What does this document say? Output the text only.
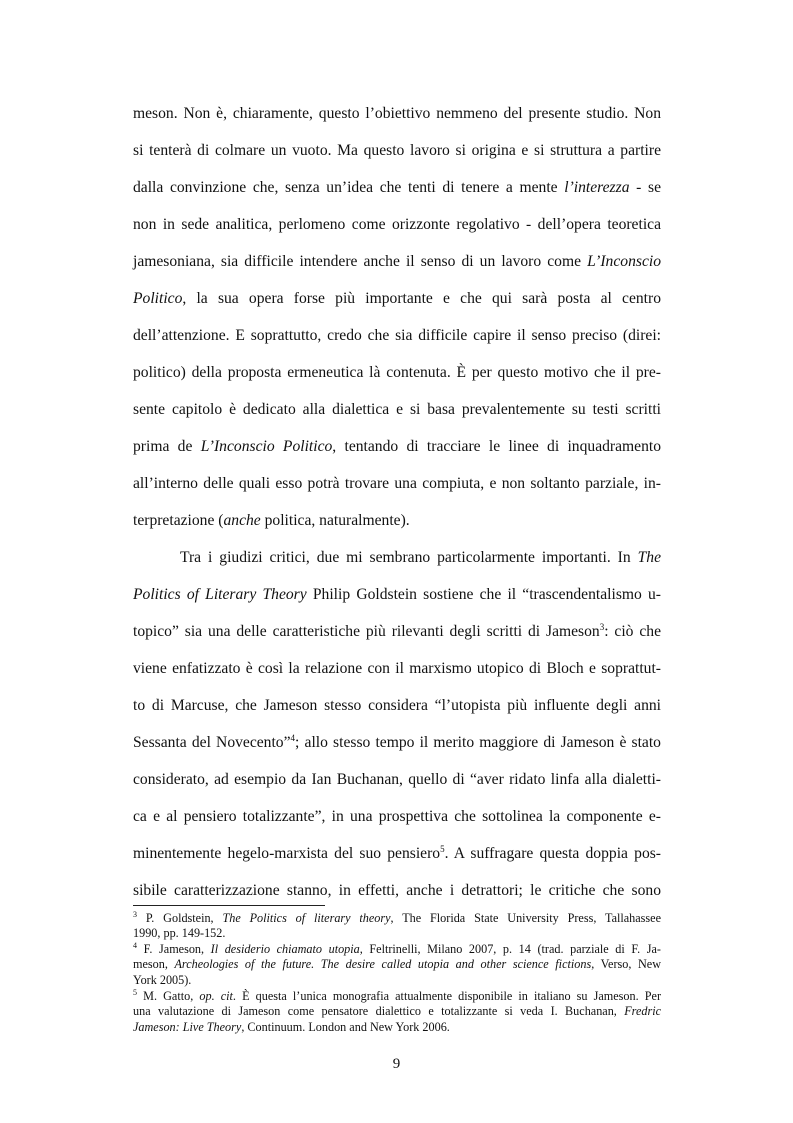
meson. Non è, chiaramente, questo l’obiettivo nemmeno del presente studio. Non
si tenterà di colmare un vuoto. Ma questo lavoro si origina e si struttura a partire
dalla convinzione che, senza un’idea che tenti di tenere a mente l’interezza - se
non in sede analitica, perlomeno come orizzonte regolativo - dell’opera teoretica
jamesoniana, sia difficile intendere anche il senso di un lavoro come L’Inconscio
Politico, la sua opera forse più importante e che qui sarà posta al centro
dell’attenzione. E soprattutto, credo che sia difficile capire il senso preciso (direi:
politico) della proposta ermeneutica là contenuta. È per questo motivo che il pre-
sente capitolo è dedicato alla dialettica e si basa prevalentemente su testi scritti
prima de L’Inconscio Politico, tentando di tracciare le linee di inquadramento
all’interno delle quali esso potrà trovare una compiuta, e non soltanto parziale, in-
terpretazione (anche politica, naturalmente).
Tra i giudizi critici, due mi sembrano particolarmente importanti. In The
Politics of Literary Theory Philip Goldstein sostiene che il “trascendentalismo u-
topico” sia una delle caratteristiche più rilevanti degli scritti di Jameson$^3$: ciò che
viene enfatizzato è così la relazione con il marxismo utopico di Bloch e soprattut-
to di Marcuse, che Jameson stesso considera “l’utopista più influente degli anni
Sessanta del Novecento”$^4$; allo stesso tempo il merito maggiore di Jameson è stato
considerato, ad esempio da Ian Buchanan, quello di “aver ridato linfa alla dialetti-
ca e al pensiero totalizzante”, in una prospettiva che sottolinea la componente e-
minentemente hegelo-marxista del suo pensiero$^5$. A suffragare questa doppia pos-
sibile caratterizzazione stanno, in effetti, anche i detrattori; le critiche che sono
$^3$ P. Goldstein, The Politics of literary theory, The Florida State University Press, Tallahassee
1990, pp. 149-152.
$^4$ F. Jameson, Il desiderio chiamato utopia, Feltrinelli, Milano 2007, p. 14 (trad. parziale di F. Ja-
meson, Archeologies of the future. The desire called utopia and other science fictions, Verso, New
York 2005).
$^5$ M. Gatto, op. cit. È questa l’unica monografia attualmente disponibile in italiano su Jameson. Per
una valutazione di Jameson come pensatore dialettico e totalizzante si veda I. Buchanan, Fredric
Jameson: Live Theory, Continuum. London and New York 2006.
9
